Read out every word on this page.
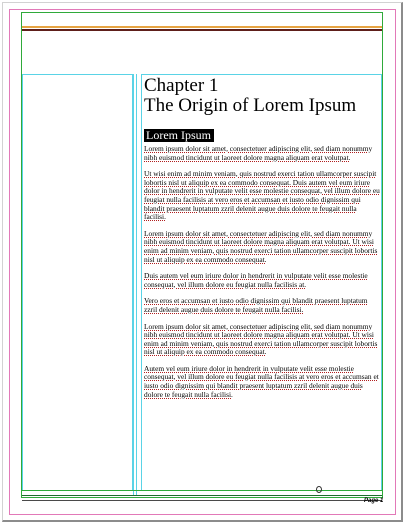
Chapter 1
The Origin of Lorem Ipsum
Lorem Ipsum

Lorem ipsum dolor sit amet, consectetuer adipiscing elit, sed diam nonummy nibh euismod tincidunt ut laoreet dolore magna aliquam erat volutpat.

Ut wisi enim ad minim veniam, quis nostrud exerci tation ullamcorper suscipit lobortis nisl ut aliquip ex ea commodo consequat. Duis autem vel eum iriure dolor in hendrerit in vulputate velit esse molestie consequat, vel illum dolore eu feugiat nulla facilisis at vero eros et accumsan et iusto odio dignissim qui blandit praesent luptatum zzril delenit augue duis dolore te feugait nulla facilisi.

Lorem ipsum dolor sit amet, consectetuer adipiscing elit, sed diam nonummy nibh euismod tincidunt ut laoreet dolore magna aliquam erat volutpat. Ut wisi enim ad minim veniam, quis nostrud exerci tation ullamcorper suscipit lobortis nisl ut aliquip ex ea commodo consequat.

Duis autem vel eum iriure dolor in hendrerit in vulputate velit esse molestie consequat, vel illum dolore eu feugiat nulla facilisis at.

Vero eros et accumsan et iusto odio dignissim qui blandit praesent luptatum zzril delenit augue duis dolore te feugait nulla facilisi.

Lorem ipsum dolor sit amet, consectetuer adipiscing elit, sed diam nonummy nibh euismod tincidunt ut laoreet dolore magna aliquam erat volutpat. Ut wisi enim ad minim veniam, quis nostrud exerci tation ullamcorper suscipit lobortis nisl ut aliquip ex ea commodo consequat.

Autem vel eum iriure dolor in hendrerit in vulputate velit esse molestie consequat, vel illum dolore eu feugiat nulla facilisis at vero eros et accumsan et iusto odio dignissim qui blandit praesent luptatum zzril delenit augue duis dolore te feugait nulla facilisi.

Page 1
